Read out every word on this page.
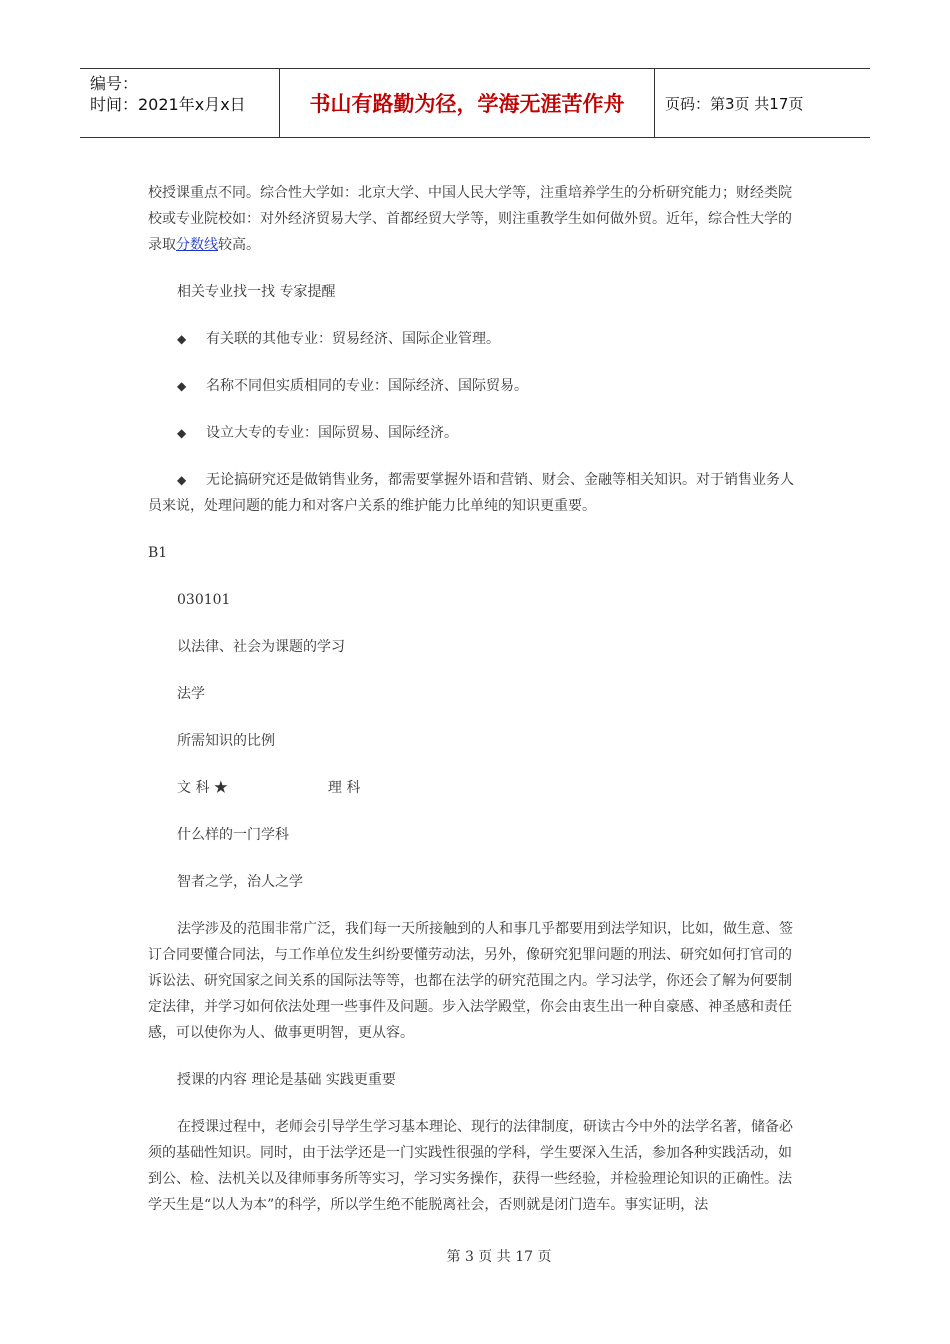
编号：
时间：2021年x月x日	书山有路勤为径，学海无涯苦作舟	页码：第3页 共17页

校授课重点不同。综合性大学如：北京大学、中国人民大学等，注重培养学生的分析研究能力；财经类院校或专业院校如：对外经济贸易大学、首都经贸大学等，则注重教学生如何做外贸。近年，综合性大学的录取分数线较高。

相关专业找一找 专家提醒

◆ 有关联的其他专业：贸易经济、国际企业管理。

◆ 名称不同但实质相同的专业：国际经济、国际贸易。

◆ 设立大专的专业：国际贸易、国际经济。

◆ 无论搞研究还是做销售业务，都需要掌握外语和营销、财会、金融等相关知识。对于销售业务人员来说，处理问题的能力和对客户关系的维护能力比单纯的知识更重要。

B1

030101

以法律、社会为课题的学习

法学

所需知识的比例

文 科 ★	理 科

什么样的一门学科

智者之学，治人之学

法学涉及的范围非常广泛，我们每一天所接触到的人和事几乎都要用到法学知识，比如，做生意、签订合同要懂合同法，与工作单位发生纠纷要懂劳动法，另外，像研究犯罪问题的刑法、研究如何打官司的诉讼法、研究国家之间关系的国际法等等，也都在法学的研究范围之内。学习法学，你还会了解为何要制定法律，并学习如何依法处理一些事件及问题。步入法学殿堂，你会由衷生出一种自豪感、神圣感和责任感，可以使你为人、做事更明智，更从容。

授课的内容 理论是基础 实践更重要

在授课过程中，老师会引导学生学习基本理论、现行的法律制度，研读古今中外的法学名著，储备必须的基础性知识。同时，由于法学还是一门实践性很强的学科，学生要深入生活，参加各种实践活动，如到公、检、法机关以及律师事务所等实习，学习实务操作，获得一些经验，并检验理论知识的正确性。法学天生是“以人为本”的科学，所以学生绝不能脱离社会，否则就是闭门造车。事实证明，法

第 3 页 共 17 页
